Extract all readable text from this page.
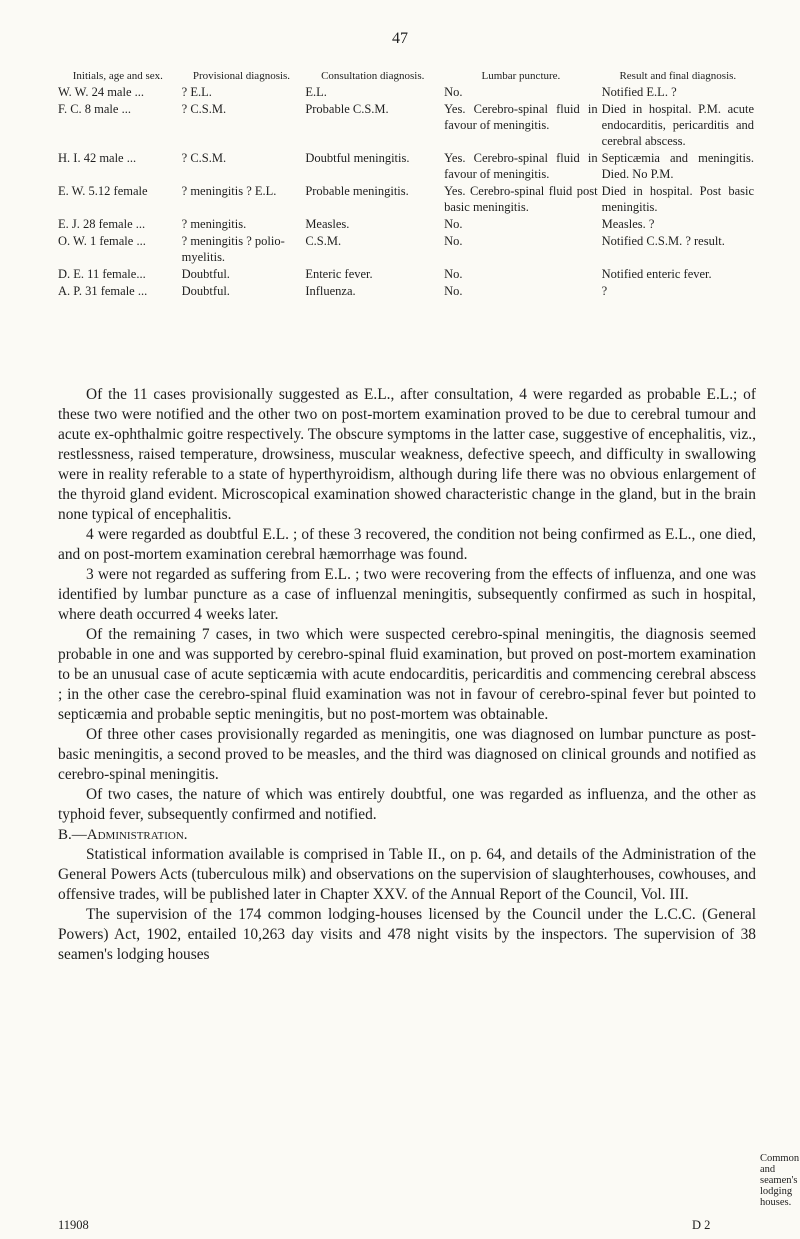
47
Initials, age and sex.	Provisional diagnosis.	Consultation diagnosis.	Lumbar puncture.	Result and final diagnosis.
W. W. 24 male ...	? E.L.	E.L.	No.	Notified E.L. ?
F. C. 8 male ...	? C.S.M.	Probable C.S.M.	Yes. Cerebro-spinal fluid in favour of meningitis.	Died in hospital. P.M. acute endocarditis, pericarditis and cerebral abscess.
H. I. 42 male ...	? C.S.M.	Doubtful meningitis.	Yes. Cerebro-spinal fluid in favour of meningitis.	Septicæmia and meningitis. Died. No P.M.
E. W. 5.12 female	? meningitis ? E.L.	Probable meningitis.	Yes. Cerebro-spinal fluid post basic meningitis.	Died in hospital. Post basic meningitis.
E. J. 28 female ...	? meningitis.	Measles.	No.	Measles. ?
O. W. 1 female ...	? meningitis ? polio-myelitis.	C.S.M.	No.	Notified C.S.M. ? result.
D. E. 11 female...	Doubtful.	Enteric fever.	No.	Notified enteric fever.
A. P. 31 female ...	Doubtful.	Influenza.	No.	?

Of the 11 cases provisionally suggested as E.L., after consultation, 4 were regarded as probable E.L.; of these two were notified and the other two on post-mortem examination proved to be due to cerebral tumour and acute ex-ophthalmic goitre respectively. The obscure symptoms in the latter case, suggestive of encephalitis, viz., restlessness, raised temperature, drowsiness, muscular weakness, defective speech, and difficulty in swallowing were in reality referable to a state of hyperthyroidism, although during life there was no obvious enlargement of the thyroid gland evident. Microscopical examination showed characteristic change in the gland, but in the brain none typical of encephalitis.

4 were regarded as doubtful E.L. ; of these 3 recovered, the condition not being confirmed as E.L., one died, and on post-mortem examination cerebral hæmorrhage was found.

3 were not regarded as suffering from E.L. ; two were recovering from the effects of influenza, and one was identified by lumbar puncture as a case of influenzal meningitis, subsequently confirmed as such in hospital, where death occurred 4 weeks later.

Of the remaining 7 cases, in two which were suspected cerebro-spinal meningitis, the diagnosis seemed probable in one and was supported by cerebro-spinal fluid examination, but proved on post-mortem examination to be an unusual case of acute septicæmia with acute endocarditis, pericarditis and commencing cerebral abscess ; in the other case the cerebro-spinal fluid examination was not in favour of cerebro-spinal fever but pointed to septicæmia and probable septic meningitis, but no post-mortem was obtainable.

Of three other cases provisionally regarded as meningitis, one was diagnosed on lumbar puncture as post-basic meningitis, a second proved to be measles, and the third was diagnosed on clinical grounds and notified as cerebro-spinal meningitis.

Of two cases, the nature of which was entirely doubtful, one was regarded as influenza, and the other as typhoid fever, subsequently confirmed and notified.

B.—Administration.

Statistical information available is comprised in Table II., on p. 64, and details of the Administration of the General Powers Acts (tuberculous milk) and observations on the supervision of slaughterhouses, cowhouses, and offensive trades, will be published later in Chapter XXV. of the Annual Report of the Council, Vol. III.

The supervision of the 174 common lodging-houses licensed by the Council under the L.C.C. (General Powers) Act, 1902, entailed 10,263 day visits and 478 night visits by the inspectors. The supervision of 38 seamen's lodging houses

Common and seamen's lodging houses.
11908	D 2
